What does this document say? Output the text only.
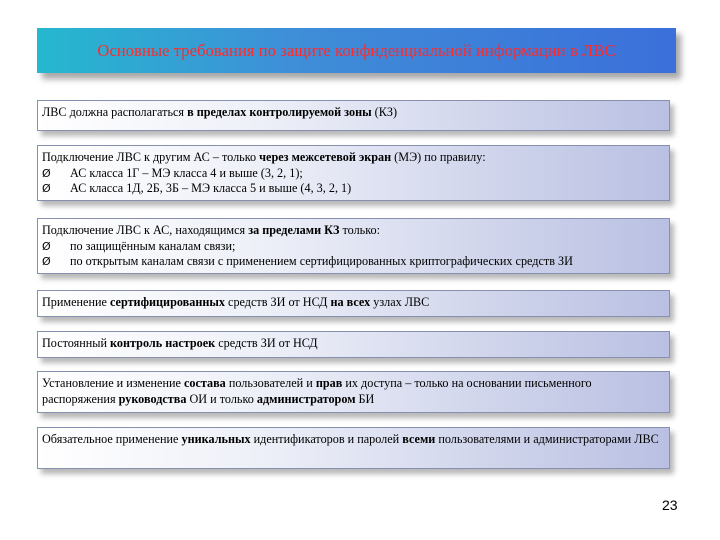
Основные требования по защите конфиденциальной информации в ЛВС
ЛВС должна располагаться в пределах контролируемой зоны (КЗ)
Подключение ЛВС к другим АС – только через межсетевой экран (МЭ) по правилу:
Ø	АС класса 1Г – МЭ класса 4 и выше (3, 2, 1);
Ø	АС класса 1Д, 2Б, 3Б – МЭ класса 5 и выше (4, 3, 2, 1)
Подключение ЛВС к АС, находящимся за пределами КЗ только:
Ø	по защищённым каналам связи;
Ø	по открытым каналам связи с применением сертифицированных криптографических средств ЗИ
Применение сертифицированных средств ЗИ от НСД на всех узлах ЛВС
Постоянный контроль настроек средств ЗИ от НСД
Установление и изменение состава пользователей и прав их доступа – только на основании письменного распоряжения руководства ОИ и только администратором БИ
Обязательное применение уникальных идентификаторов и паролей всеми пользователями и администраторами ЛВС
23
